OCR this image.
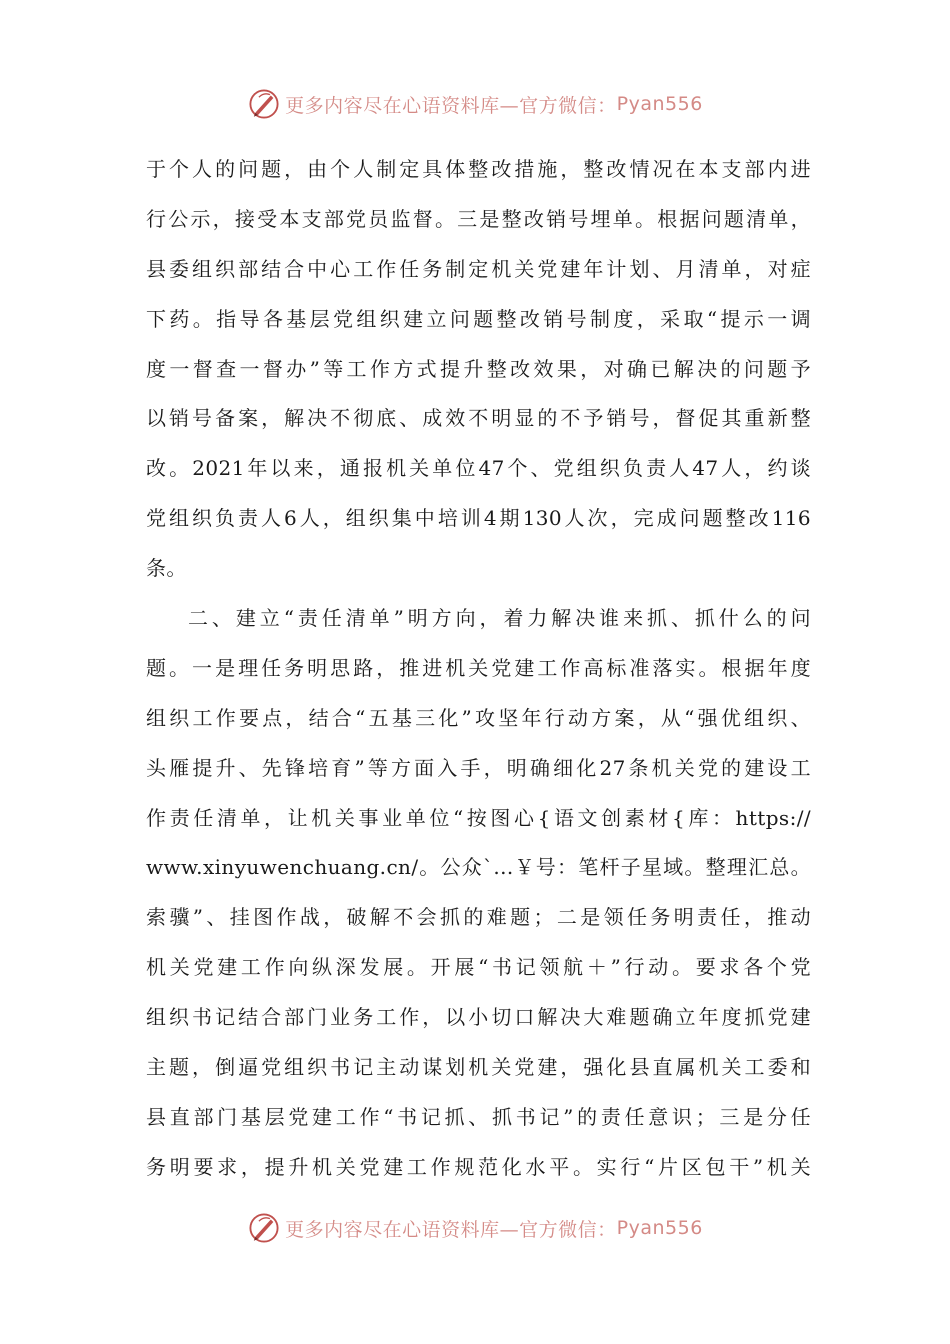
更多内容尽在心语资料库—官方微信： Pyan556
于个人的问题，由个人制定具体整改措施，整改情况在本支部内进
行公示，接受本支部党员监督。三是整改销号埋单。根据问题清单，
县委组织部结合中心工作任务制定机关党建年计划、月清单，对症
下药。指导各基层党组织建立问题整改销号制度，采取“提示一调
度一督查一督办”等工作方式提升整改效果，对确已解决的问题予
以销号备案，解决不彻底、成效不明显的不予销号，督促其重新整
改。2021年以来，通报机关单位47个、党组织负责人47人，约谈
党组织负责人6人，组织集中培训4期130人次，完成问题整改116
条。
二、建立“责任清单”明方向，着力解决谁来抓、抓什么的问
题。一是理任务明思路，推进机关党建工作高标准落实。根据年度
组织工作要点，结合“五基三化”攻坚年行动方案，从“强优组织、
头雁提升、先锋培育”等方面入手，明确细化27条机关党的建设工
作责任清单，让机关事业单位“按图心{语文创素材{库：https://
www.xinyuwenchuang.cn/。公众`...￥号：笔杆子星域。整理汇总。
索骥”、挂图作战，破解不会抓的难题；二是领任务明责任，推动
机关党建工作向纵深发展。开展“书记领航＋”行动。要求各个党
组织书记结合部门业务工作，以小切口解决大难题确立年度抓党建
主题，倒逼党组织书记主动谋划机关党建，强化县直属机关工委和
县直部门基层党建工作“书记抓、抓书记”的责任意识；三是分任
务明要求，提升机关党建工作规范化水平。实行“片区包干”机关
更多内容尽在心语资料库—官方微信： Pyan556
